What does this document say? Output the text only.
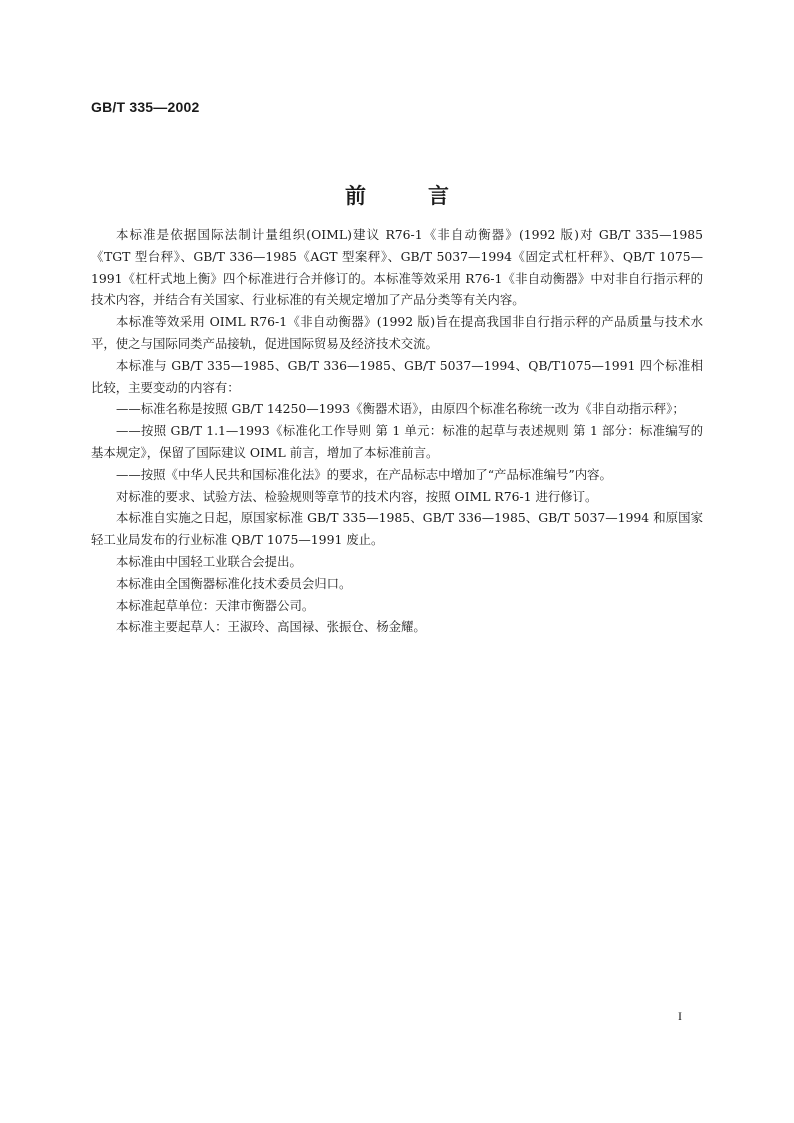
GB/T 335—2002
前言

本标准是依据国际法制计量组织(OIML)建议 R76-1《非自动衡器》(1992 版)对 GB/T 335—1985《TGT 型台秤》、GB/T 336—1985《AGT 型案秤》、GB/T 5037—1994《固定式杠杆秤》、QB/T 1075—1991《杠杆式地上衡》四个标准进行合并修订的。本标准等效采用 R76-1《非自动衡器》中对非自行指示秤的技术内容，并结合有关国家、行业标准的有关规定增加了产品分类等有关内容。

本标准等效采用 OIML R76-1《非自动衡器》(1992 版)旨在提高我国非自行指示秤的产品质量与技术水平，使之与国际同类产品接轨，促进国际贸易及经济技术交流。

本标准与 GB/T 335—1985、GB/T 336—1985、GB/T 5037—1994、QB/T1075—1991 四个标准相比较，主要变动的内容有：

——标准名称是按照 GB/T 14250—1993《衡器术语》，由原四个标准名称统一改为《非自动指示秤》；

——按照 GB/T 1.1—1993《标准化工作导则 第 1 单元：标准的起草与表述规则 第 1 部分：标准编写的基本规定》，保留了国际建议 OIML 前言，增加了本标准前言。

——按照《中华人民共和国标准化法》的要求，在产品标志中增加了“产品标准编号”内容。

对标准的要求、试验方法、检验规则等章节的技术内容，按照 OIML R76-1 进行修订。

本标准自实施之日起，原国家标准 GB/T 335—1985、GB/T 336—1985、GB/T 5037—1994 和原国家轻工业局发布的行业标准 QB/T 1075—1991 废止。

本标准由中国轻工业联合会提出。

本标准由全国衡器标准化技术委员会归口。

本标准起草单位：天津市衡器公司。

本标准主要起草人：王淑玲、高国禄、张振仓、杨金耀。

I
